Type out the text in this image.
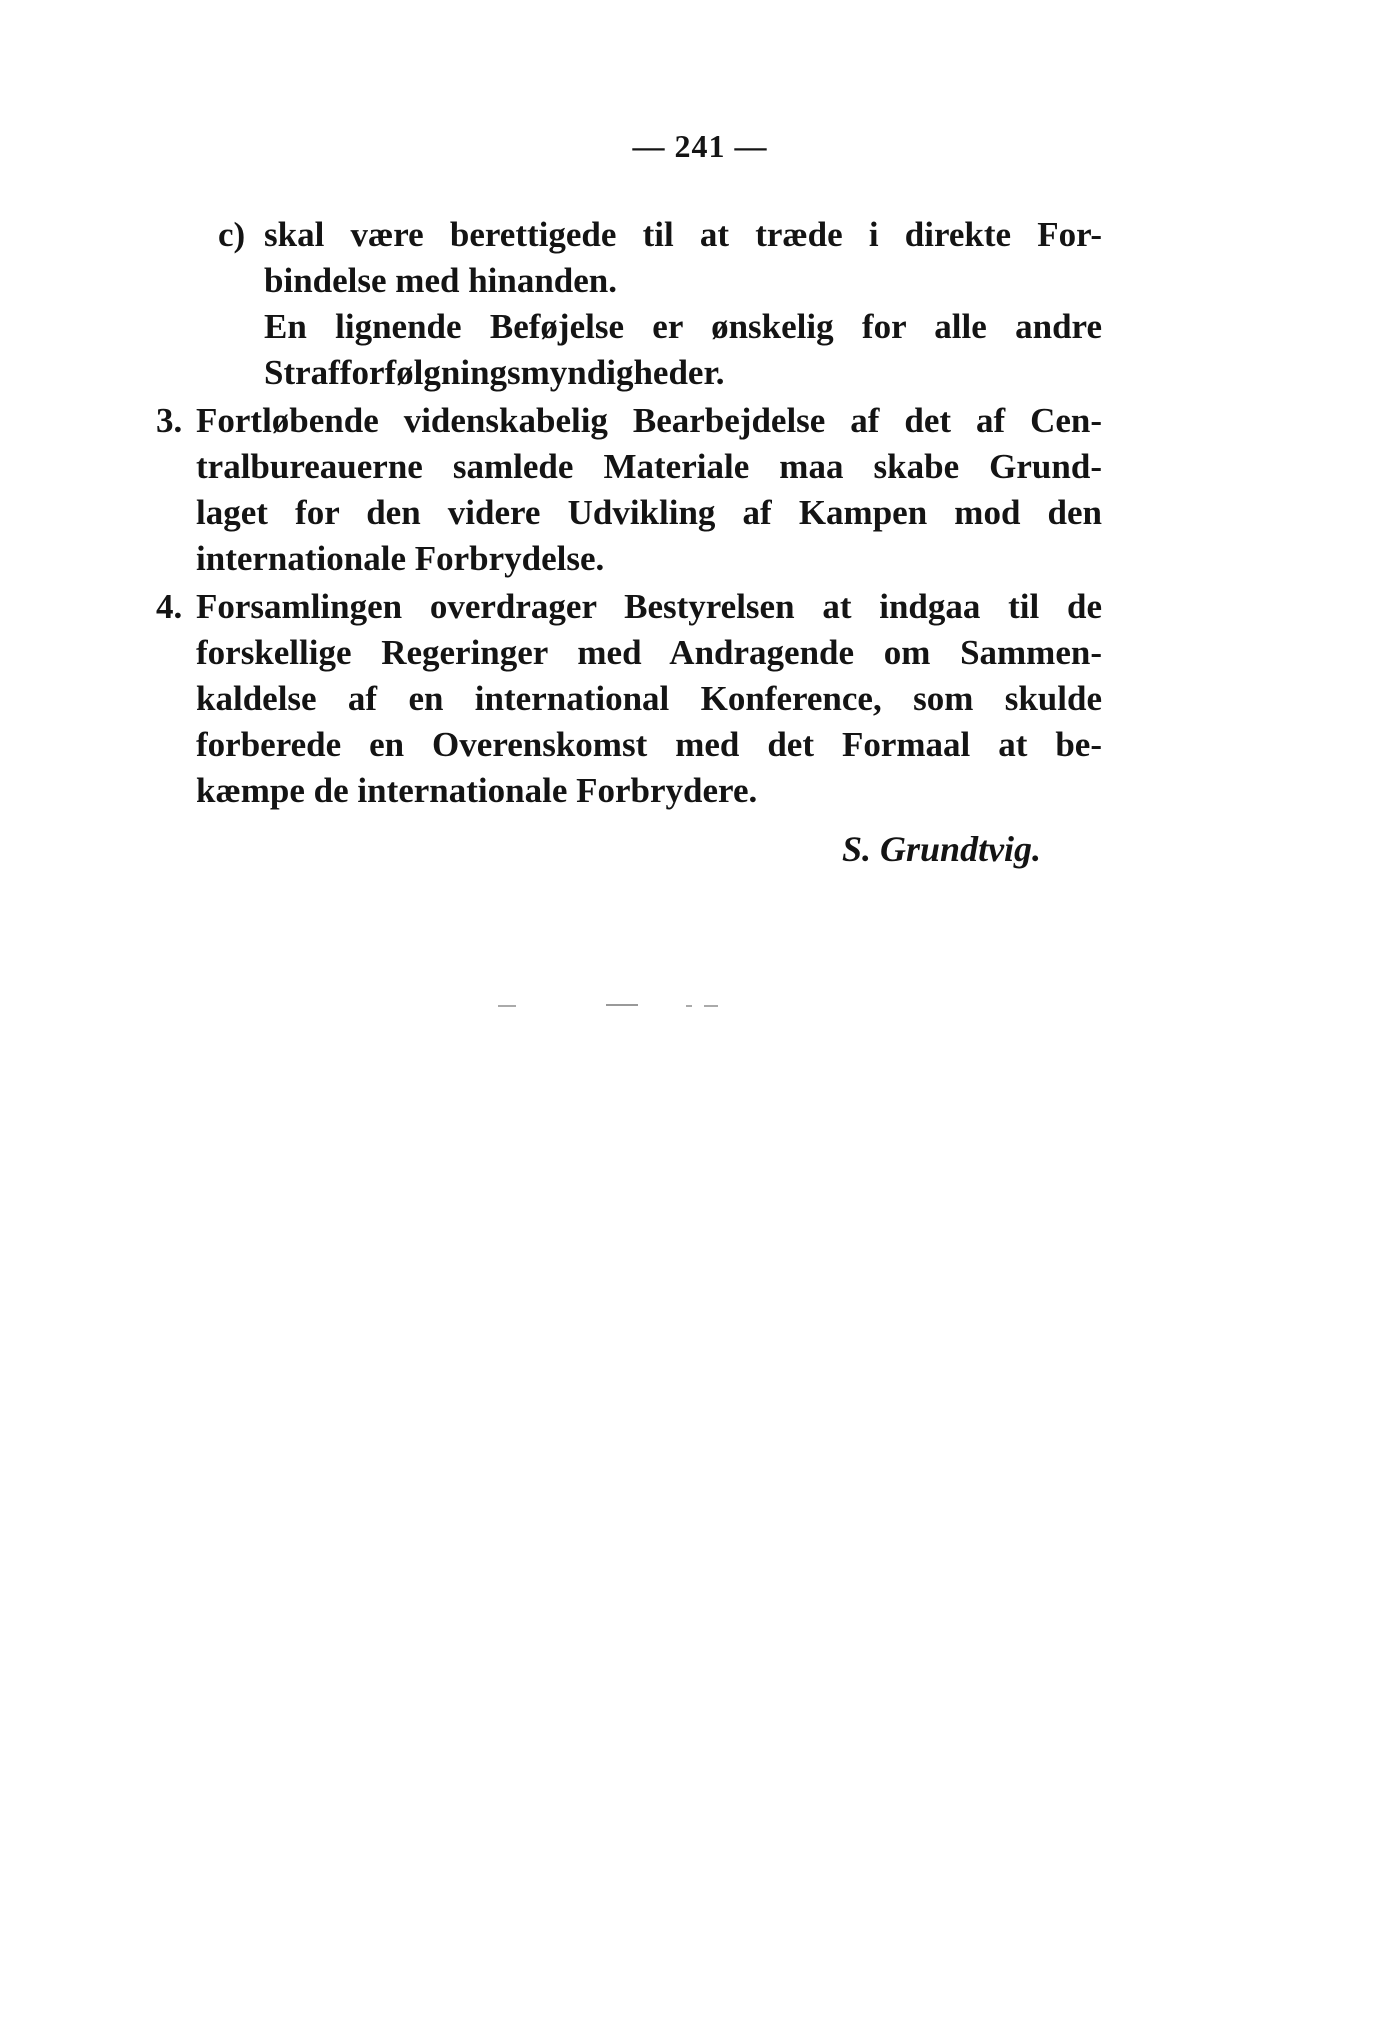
— 241 —
c) skal være berettigede til at træde i direkte For-
bindelse med hinanden.
En lignende Beføjelse er ønskelig for alle andre
Strafforfølgningsmyndigheder.
3. Fortløbende videnskabelig Bearbejdelse af det af Cen-
tralbureauerne samlede Materiale maa skabe Grund-
laget for den videre Udvikling af Kampen mod den
internationale Forbrydelse.
4. Forsamlingen overdrager Bestyrelsen at indgaa til de
forskellige Regeringer med Andragende om Sammen-
kaldelse af en international Konference, som skulde
forberede en Overenskomst med det Formaal at be-
kæmpe de internationale Forbrydere.
S. Grundtvig.
